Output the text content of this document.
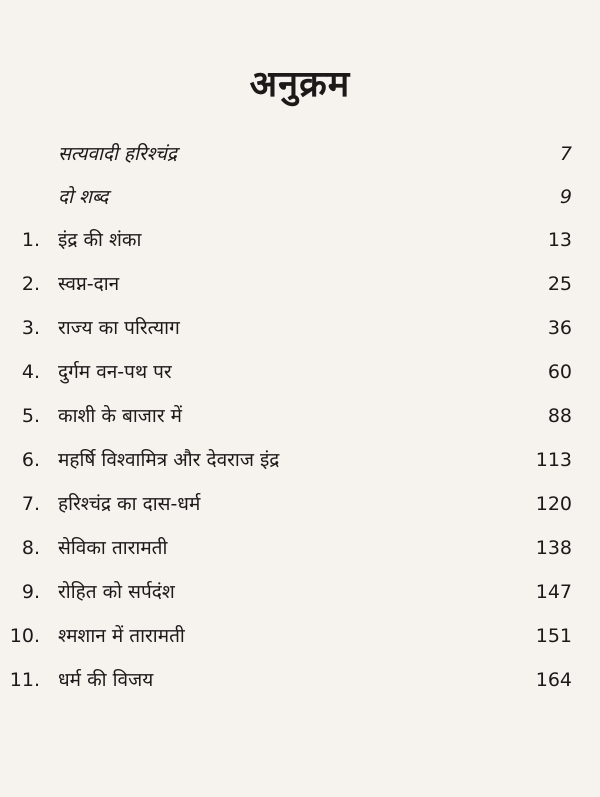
अनुक्रम
सत्यवादी हरिश्चंद्र	7
दो शब्द	9
1. इंद्र की शंका	13
2. स्वप्न-दान	25
3. राज्य का परित्याग	36
4. दुर्गम वन-पथ पर	60
5. काशी के बाजार में	88
6. महर्षि विश्वामित्र और देवराज इंद्र	113
7. हरिश्चंद्र का दास-धर्म	120
8. सेविका तारामती	138
9. रोहित को सर्पदंश	147
10. श्मशान में तारामती	151
11. धर्म की विजय	164
